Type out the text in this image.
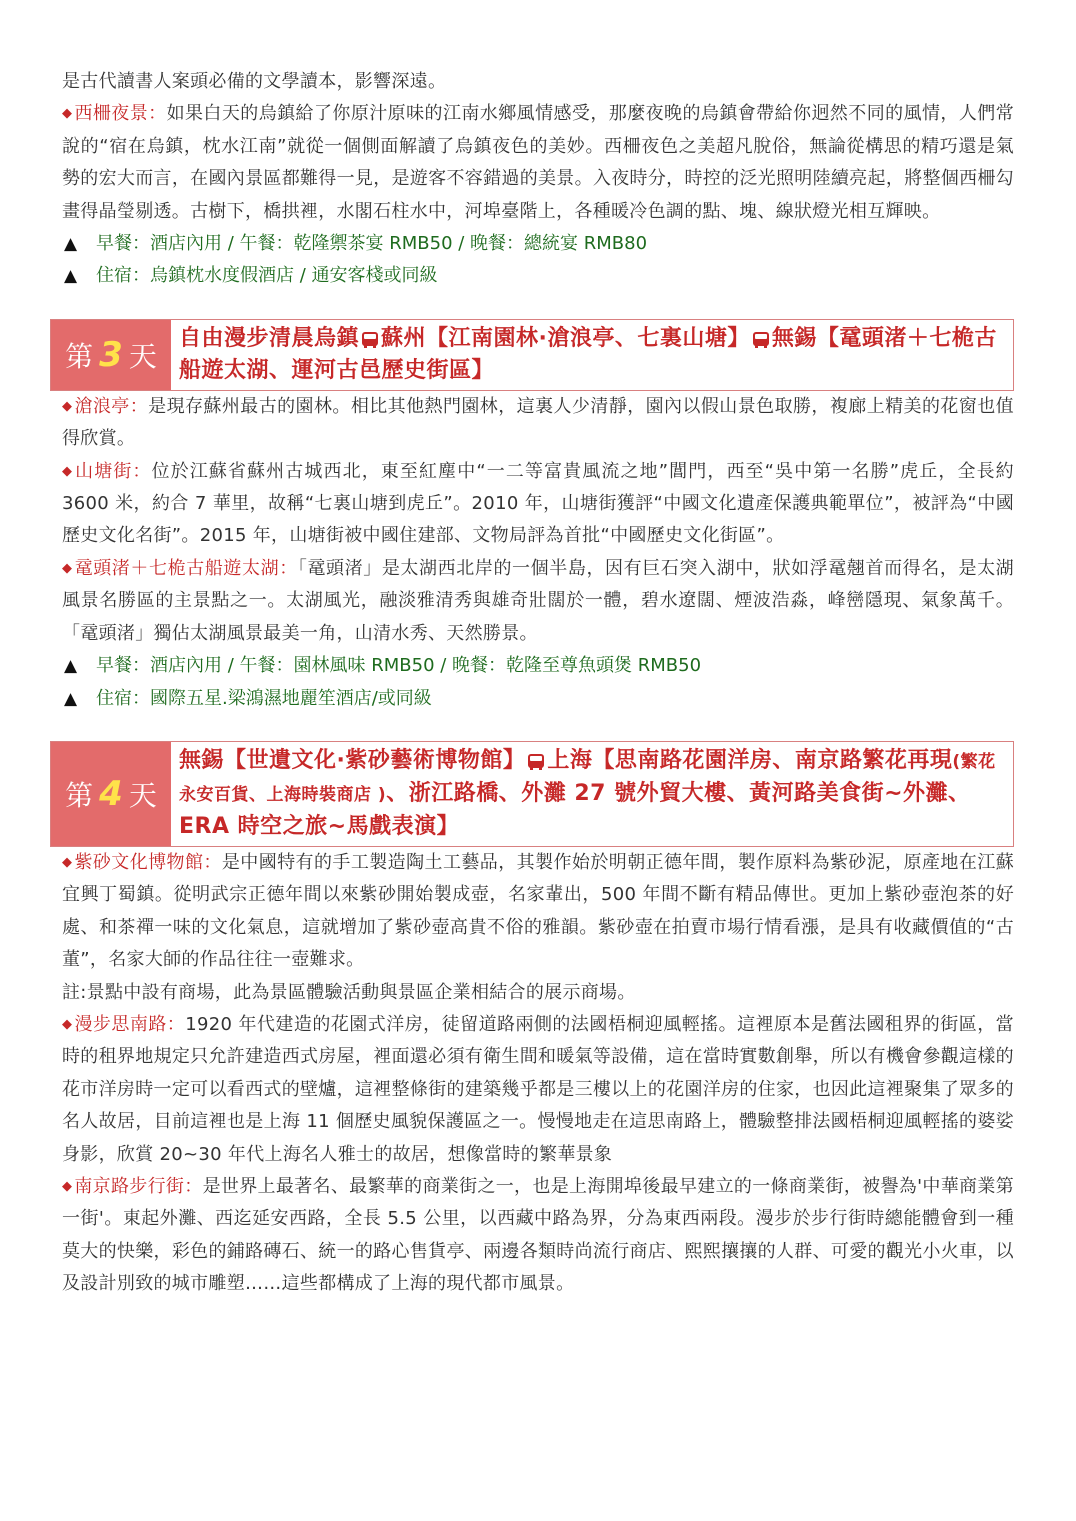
是古代讀書人案頭必備的文學讀本，影響深遠。

◆ 西柵夜景：如果白天的烏鎮給了你原汁原味的江南水鄉風情感受，那麼夜晚的烏鎮會帶給你迥然不同的風情，人們常說的“宿在烏鎮，枕水江南”就從一個側面解讀了烏鎮夜色的美妙。西柵夜色之美超凡脫俗，無論從構思的精巧還是氣勢的宏大而言，在國內景區都難得一見，是遊客不容錯過的美景。入夜時分，時控的泛光照明陸續亮起，將整個西柵勾畫得晶瑩剔透。古樹下，橋拱裡，水閣石柱水中，河埠臺階上，各種暖冷色調的點、塊、線狀燈光相互輝映。

▲ 早餐：酒店內用 / 午餐：乾隆禦茶宴 RMB50 / 晚餐：總統宴 RMB80

▲ 住宿：烏鎮枕水度假酒店 / 通安客棧或同級

第 3 天
自由漫步清晨烏鎮 蘇州【江南園林·滄浪亭、七裏山塘】 無錫【鼋頭渚＋七桅古船遊太湖、運河古邑歷史街區】

◆ 滄浪亭：是現存蘇州最古的園林。相比其他熱門園林，這裏人少清靜，園內以假山景色取勝，複廊上精美的花窗也值得欣賞。

◆ 山塘街：位於江蘇省蘇州古城西北，東至紅塵中“一二等富貴風流之地”閶門，西至“吳中第一名勝”虎丘，全長約 3600 米，約合 7 華里，故稱“七裏山塘到虎丘”。2010 年，山塘街獲評“中國文化遺產保護典範單位”，被評為“中國歷史文化名街”。2015 年，山塘街被中國住建部、文物局評為首批“中國歷史文化街區”。

◆ 鼋頭渚＋七桅古船遊太湖：「鼋頭渚」是太湖西北岸的一個半島，因有巨石突入湖中，狀如浮鼋翹首而得名，是太湖風景名勝區的主景點之一。太湖風光，融淡雅清秀與雄奇壯闊於一體，碧水遼闊、煙波浩淼，峰巒隱現、氣象萬千。「鼋頭渚」獨佔太湖風景最美一角，山清水秀、天然勝景。

▲ 早餐：酒店內用 / 午餐：園林風味 RMB50 / 晚餐：乾隆至尊魚頭煲 RMB50

▲ 住宿：國際五星.梁鴻濕地麗笙酒店/或同級

第 4 天
無錫【世遺文化·紫砂藝術博物館】 上海【思南路花園洋房、南京路繁花再現(繁花永安百貨、上海時裝商店 )、浙江路橋、外灘 27 號外貿大樓、黃河路美食街~外灘、ERA 時空之旅~馬戲表演】

◆ 紫砂文化博物館：是中國特有的手工製造陶土工藝品，其製作始於明朝正德年間，製作原料為紫砂泥，原產地在江蘇宜興丁蜀鎮。從明武宗正德年間以來紫砂開始製成壺，名家輩出，500 年間不斷有精品傳世。更加上紫砂壺泡茶的好處、和茶禪一味的文化氣息，這就增加了紫砂壺高貴不俗的雅韻。紫砂壺在拍賣市場行情看漲，是具有收藏價值的“古董”，名家大師的作品往往一壺難求。

註:景點中設有商場，此為景區體驗活動與景區企業相結合的展示商場。

◆ 漫步思南路：1920 年代建造的花園式洋房，徒留道路兩側的法國梧桐迎風輕搖。這裡原本是舊法國租界的街區，當時的租界地規定只允許建造西式房屋，裡面還必須有衛生間和暖氣等設備，這在當時實數創舉，所以有機會參觀這樣的花市洋房時一定可以看西式的壁爐，這裡整條街的建築幾乎都是三樓以上的花園洋房的住家，也因此這裡聚集了眾多的名人故居，目前這裡也是上海 11 個歷史風貌保護區之一。慢慢地走在這思南路上，體驗整排法國梧桐迎風輕搖的婆娑身影，欣賞 20~30 年代上海名人雅士的故居，想像當時的繁華景象

◆ 南京路步行街：是世界上最著名、最繁華的商業街之一，也是上海開埠後最早建立的一條商業街，被譽為'中華商業第一街'。東起外灘、西迄延安西路，全長 5.5 公里，以西藏中路為界，分為東西兩段。漫步於步行街時總能體會到一種莫大的快樂，彩色的鋪路磚石、統一的路心售貨亭、兩邊各類時尚流行商店、熙熙攘攘的人群、可愛的觀光小火車，以及設計別致的城市雕塑……這些都構成了上海的現代都市風景。
